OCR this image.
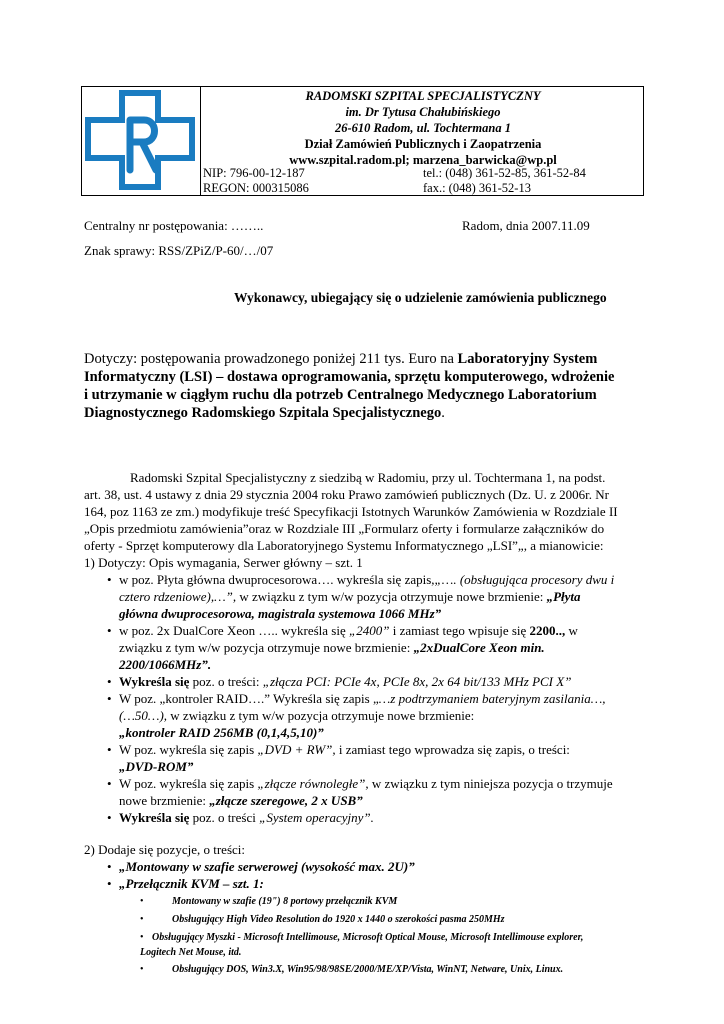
RADOMSKI SZPITAL SPECJALISTYCZNY
im. Dr Tytusa Chałubińskiego
26-610 Radom, ul. Tochtermana 1
Dział Zamówień Publicznych i Zaopatrzenia
www.szpital.radom.pl; marzena_barwicka@wp.pl
NIP: 796-00-12-187	tel.: (048) 361-52-85, 361-52-84
REGON: 000315086	fax.: (048) 361-52-13
Centralny nr postępowania: ……..	Radom, dnia 2007.11.09
Znak sprawy: RSS/ZPiZ/P-60/…/07
Wykonawcy, ubiegający się o udzielenie zamówienia publicznego
Dotyczy: postępowania prowadzonego poniżej 211 tys. Euro na Laboratoryjny System
Informatyczny (LSI) – dostawa oprogramowania, sprzętu komputerowego, wdrożenie
i utrzymanie w ciągłym ruchu dla potrzeb Centralnego Medycznego Laboratorium
Diagnostycznego Radomskiego Szpitala Specjalistycznego.
Radomski Szpital Specjalistyczny z siedzibą w Radomiu, przy ul. Tochtermana 1, na podst.
art. 38, ust. 4 ustawy z dnia 29 stycznia 2004 roku Prawo zamówień publicznych (Dz. U. z 2006r. Nr
164, poz 1163 ze zm.) modyfikuje treść Specyfikacji Istotnych Warunków Zamówienia w Rozdziale II
„Opis przedmiotu zamówienia”oraz w Rozdziale III „Formularz oferty i formularze załączników do
oferty - Sprzęt komputerowy dla Laboratoryjnego Systemu Informatycznego „LSI”„, a mianowicie:
1) Dotyczy: Opis wymagania, Serwer główny – szt. 1
• w poz. Płyta główna dwuprocesorowa…. wykreśla się zapis,„…. (obsługująca procesory dwu i
cztero rdzeniowe),…”, w związku z tym w/w pozycja otrzymuje nowe brzmienie: „Płyta
główna dwuprocesorowa, magistrala systemowa 1066 MHz”
• w poz. 2x DualCore Xeon ….. wykreśla się „2400” i zamiast tego wpisuje się 2200.., w
związku z tym w/w pozycja otrzymuje nowe brzmienie: „2xDualCore Xeon min.
2200/1066MHz”.
• Wykreśla się poz. o treści: „złącza PCI: PCIe 4x, PCIe 8x, 2x 64 bit/133 MHz PCI X”
• W poz. „kontroler RAID….” Wykreśla się zapis „…z podtrzymaniem bateryjnym zasilania…,
(…50…), w związku z tym w/w pozycja otrzymuje nowe brzmienie:
„kontroler RAID 256MB (0,1,4,5,10)”
• W poz. wykreśla się zapis „DVD + RW”, i zamiast tego wprowadza się zapis, o treści:
„DVD-ROM”
• W poz. wykreśla się zapis „złącze równoległe”, w związku z tym niniejsza pozycja o trzymuje
nowe brzmienie: „złącze szeregowe, 2 x USB”
• Wykreśla się poz. o treści „System operacyjny”.
2) Dodaje się pozycje, o treści:
• „Montowany w szafie serwerowej (wysokość max. 2U)”
• „Przełącznik KVM – szt. 1:
•	Montowany w szafie (19") 8 portowy przełącznik KVM
•	Obsługujący High Video Resolution do 1920 x 1440 o szerokości pasma 250MHz
• Obsługujący Myszki - Microsoft Intellimouse, Microsoft Optical Mouse, Microsoft Intellimouse explorer,
Logitech Net Mouse, itd.
•	Obsługujący DOS, Win3.X, Win95/98/98SE/2000/ME/XP/Vista, WinNT, Netware, Unix, Linux.
